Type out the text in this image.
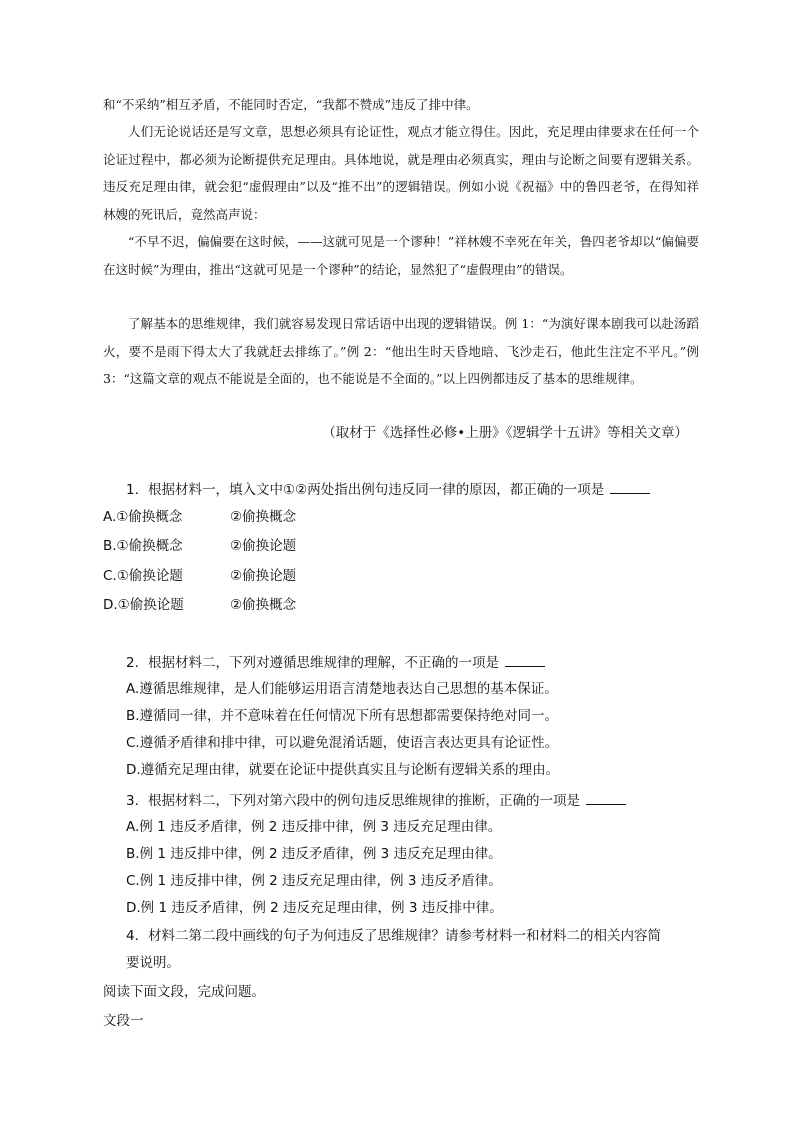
和“不采纳”相互矛盾，不能同时否定，“我都不赞成”违反了排中律。

人们无论说话还是写文章，思想必须具有论证性，观点才能立得住。因此，充足理由律要求在任何一个论证过程中，都必须为论断提供充足理由。具体地说，就是理由必须真实，理由与论断之间要有逻辑关系。违反充足理由律，就会犯“虚假理由”以及“推不出”的逻辑错误。例如小说《祝福》中的鲁四老爷，在得知祥林嫂的死讯后，竟然高声说：

“不早不迟，偏偏要在这时候，——这就可见是一个谬种！”祥林嫂不幸死在年关，鲁四老爷却以“偏偏要在这时候”为理由，推出“这就可见是一个谬种”的结论，显然犯了“虚假理由”的错误。

了解基本的思维规律，我们就容易发现日常话语中出现的逻辑错误。例 1：“为演好课本剧我可以赴汤蹈火，要不是雨下得太大了我就赶去排练了。”例 2：“他出生时天昏地暗、飞沙走石，他此生注定不平凡。”例 3：“这篇文章的观点不能说是全面的，也不能说是不全面的。”以上四例都违反了基本的思维规律。

（取材于《选择性必修•上册》《逻辑学十五讲》等相关文章）

1. 根据材料一，填入文中①②两处指出例句违反同一律的原因，都正确的一项是

A.①偷换概念	②偷换概念
B.①偷换概念	②偷换论题
C.①偷换论题	②偷换论题
D.①偷换论题	②偷换概念

2. 根据材料二，下列对遵循思维规律的理解，不正确的一项是

A.遵循思维规律，是人们能够运用语言清楚地表达自己思想的基本保证。

B.遵循同一律，并不意味着在任何情况下所有思想都需要保持绝对同一。

C.遵循矛盾律和排中律，可以避免混淆话题，使语言表达更具有论证性。

D.遵循充足理由律，就要在论证中提供真实且与论断有逻辑关系的理由。

3. 根据材料二，下列对第六段中的例句违反思维规律的推断，正确的一项是

A.例 1 违反矛盾律，例 2 违反排中律，例 3 违反充足理由律。

B.例 1 违反排中律，例 2 违反矛盾律，例 3 违反充足理由律。

C.例 1 违反排中律，例 2 违反充足理由律，例 3 违反矛盾律。

D.例 1 违反矛盾律，例 2 违反充足理由律，例 3 违反排中律。

4. 材料二第二段中画线的句子为何违反了思维规律？请参考材料一和材料二的相关内容简

要说明。

阅读下面文段，完成问题。

文段一
